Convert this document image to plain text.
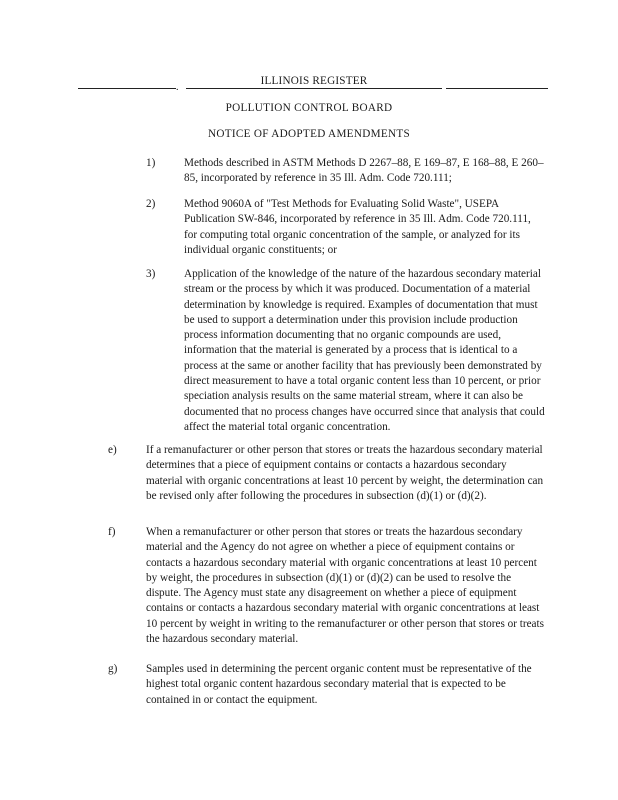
.
ILLINOIS REGISTER
POLLUTION CONTROL BOARD
NOTICE OF ADOPTED AMENDMENTS
1)	Methods described in ASTM Methods D 2267–88, E 169–87, E 168–88, E 260–85, incorporated by reference in 35 Ill. Adm. Code 720.111;

2)	Method 9060A of "Test Methods for Evaluating Solid Waste", USEPA Publication SW-846, incorporated by reference in 35 Ill. Adm. Code 720.111, for computing total organic concentration of the sample, or analyzed for its individual organic constituents; or

3)	Application of the knowledge of the nature of the hazardous secondary material stream or the process by which it was produced. Documentation of a material determination by knowledge is required. Examples of documentation that must be used to support a determination under this provision include production process information documenting that no organic compounds are used, information that the material is generated by a process that is identical to a process at the same or another facility that has previously been demonstrated by direct measurement to have a total organic content less than 10 percent, or prior speciation analysis results on the same material stream, where it can also be documented that no process changes have occurred since that analysis that could affect the material total organic concentration.

e)	If a remanufacturer or other person that stores or treats the hazardous secondary material determines that a piece of equipment contains or contacts a hazardous secondary material with organic concentrations at least 10 percent by weight, the determination can be revised only after following the procedures in subsection (d)(1) or (d)(2).

f)	When a remanufacturer or other person that stores or treats the hazardous secondary material and the Agency do not agree on whether a piece of equipment contains or contacts a hazardous secondary material with organic concentrations at least 10 percent by weight, the procedures in subsection (d)(1) or (d)(2) can be used to resolve the dispute. The Agency must state any disagreement on whether a piece of equipment contains or contacts a hazardous secondary material with organic concentrations at least 10 percent by weight in writing to the remanufacturer or other person that stores or treats the hazardous secondary material.

g)	Samples used in determining the percent organic content must be representative of the highest total organic content hazardous secondary material that is expected to be contained in or contact the equipment.
